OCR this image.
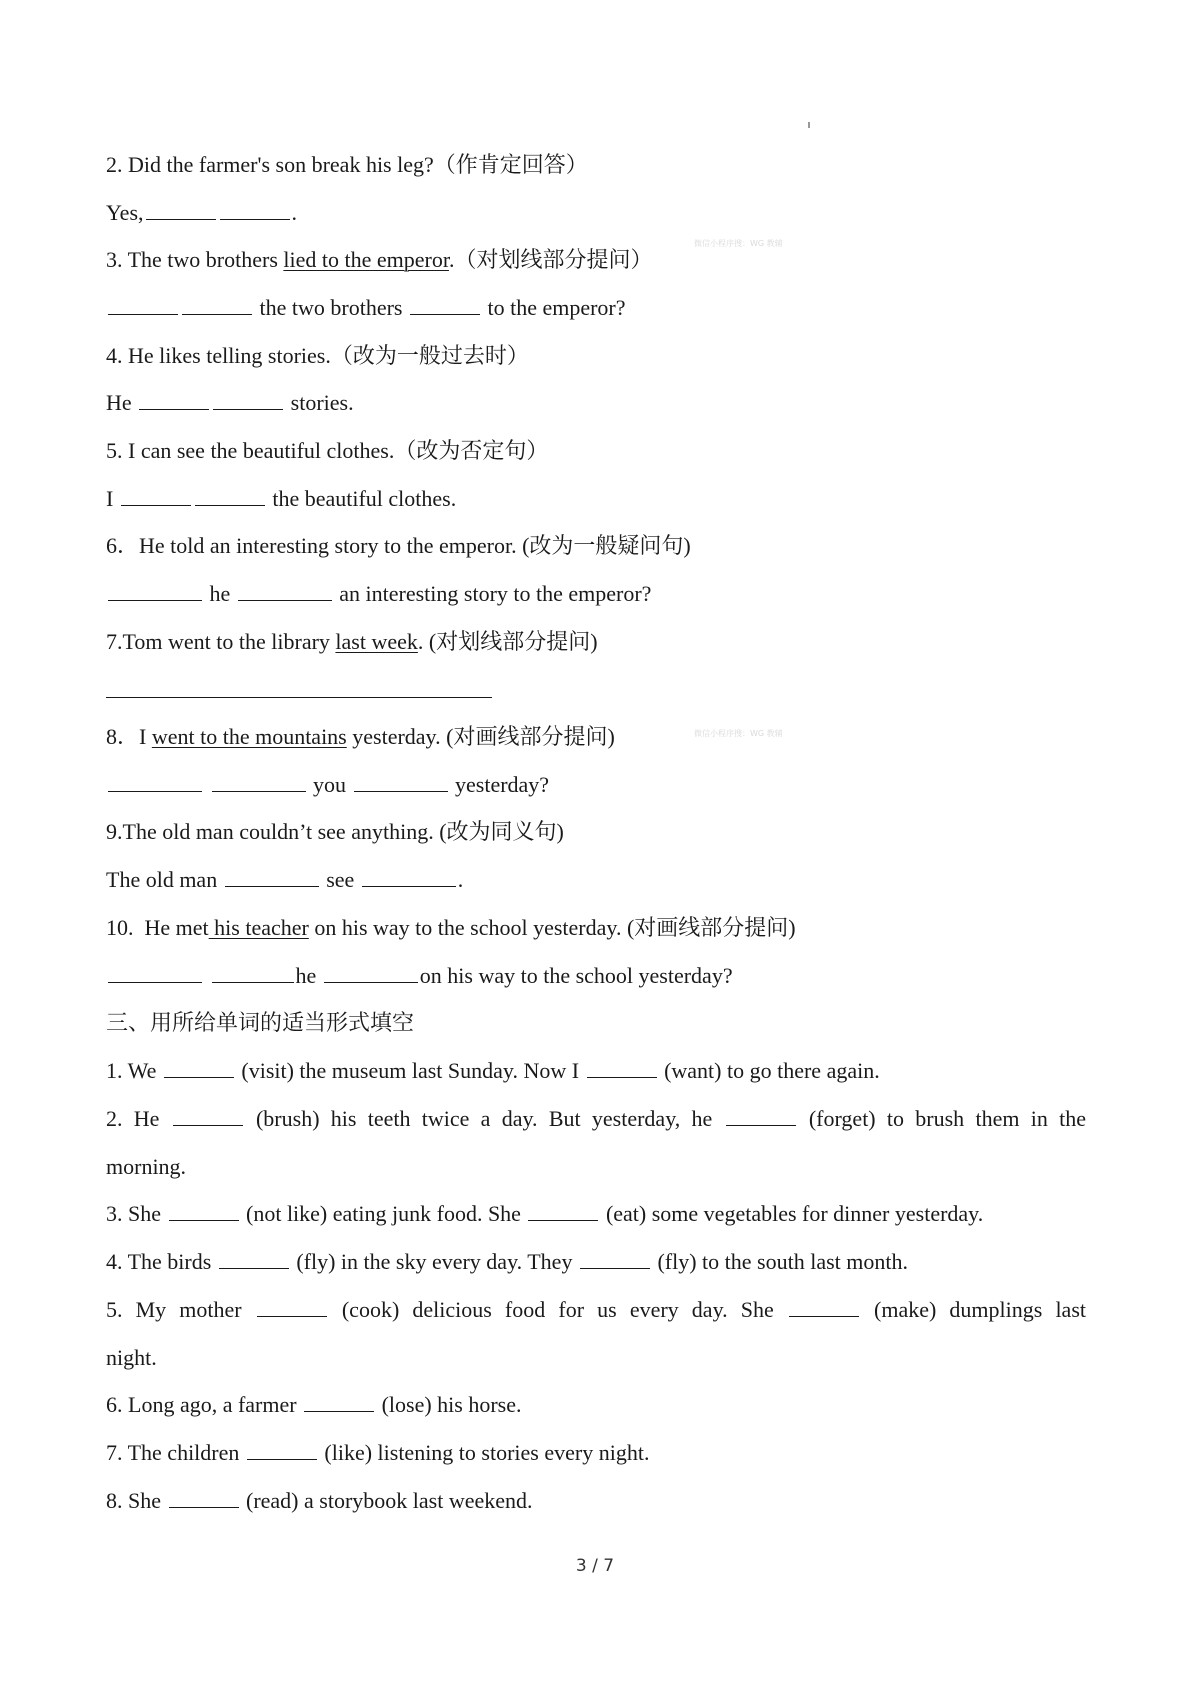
微信小程序搜：WG 教辅
微信小程序搜：WG 教辅
2. Did the farmer's son break his leg?（作肯定回答）
Yes,	.
3. The two brothers lied to the emperor.（对划线部分提问）
the two brothers	to the emperor?
4. He likes telling stories.（改为一般过去时）
He	stories.
5. I can see the beautiful clothes.（改为否定句）
I	the beautiful clothes.
6．He told an interesting story to the emperor. (改为一般疑问句)
he	an interesting story to the emperor?
7.Tom went to the library last week. (对划线部分提问)
8．I went to the mountains yesterday. (对画线部分提问)
you	yesterday?
9.The old man couldn’t see anything. (改为同义句)
The old man	see	.
10.  He met his teacher on his way to the school yesterday. (对画线部分提问)
he	on his way to the school yesterday?
三、用所给单词的适当形式填空
1. We	(visit) the museum last Sunday. Now I	(want) to go there again.
2. He	(brush) his teeth twice a day. But yesterday, he	(forget) to brush them in the
morning.
3. She	(not like) eating junk food. She	(eat) some vegetables for dinner yesterday.
4. The birds	(fly) in the sky every day. They	(fly) to the south last month.
5. My mother	(cook) delicious food for us every day. She	(make) dumplings last
night.
6. Long ago, a farmer	(lose) his horse.
7. The children	(like) listening to stories every night.
8. She	(read) a storybook last weekend.
3 / 7
